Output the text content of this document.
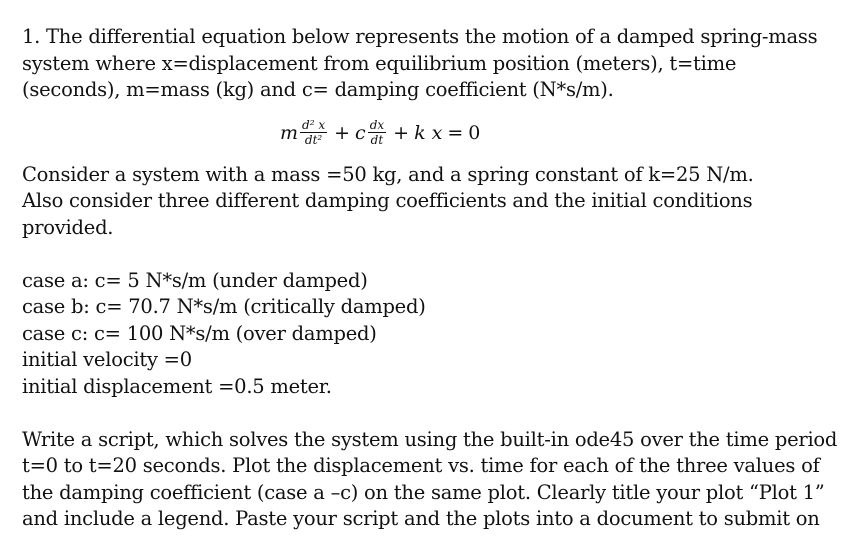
1. The differential equation below represents the motion of a damped spring-mass
system where x=displacement from equilibrium position (meters), t=time
(seconds), m=mass (kg) and c= damping coefficient (N*s/m).
m $\frac{\text{d² x}}{\text{dt²}} + c \frac{dx}{dt} + k$ x = 0
Consider a system with a mass =50 kg, and a spring constant of k=25 N/m.
Also consider three different damping coefficients and the initial conditions
provided.
case a: c= 5 N*s/m (under damped)
case b: c= 70.7 N*s/m (critically damped)
case c: c= 100 N*s/m (over damped)
initial velocity =0
initial displacement =0.5 meter.
Write a script, which solves the system using the built-in ode45 over the time period
t=0 to t=20 seconds. Plot the displacement vs. time for each of the three values of
the damping coefficient (case a –c) on the same plot. Clearly title your plot “Plot 1”
and include a legend. Paste your script and the plots into a document to submit on
